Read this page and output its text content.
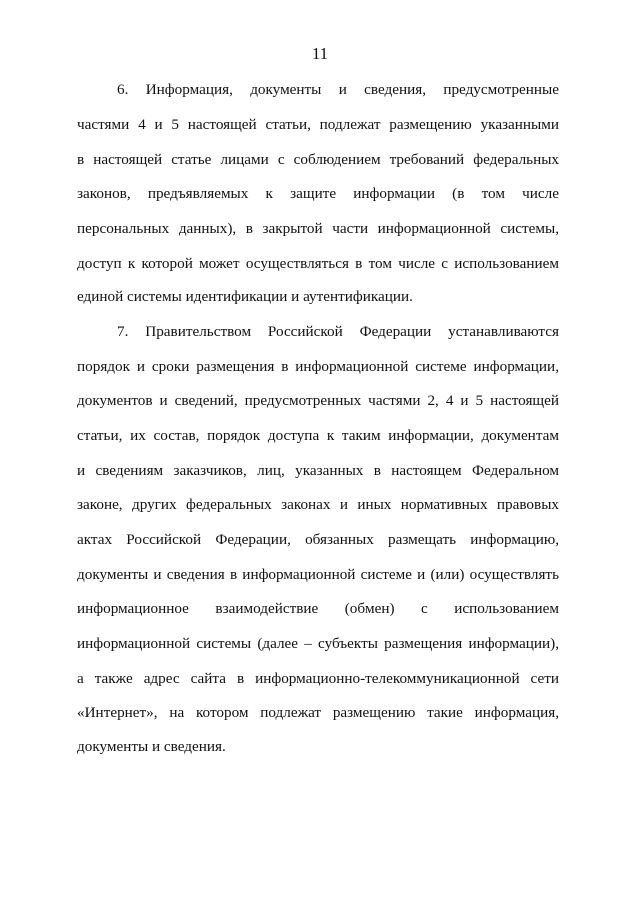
11
6. Информация, документы и сведения, предусмотренные
частями 4 и 5 настоящей статьи, подлежат размещению указанными
в настоящей статье лицами с соблюдением требований федеральных
законов, предъявляемых к защите информации (в том числе
персональных данных), в закрытой части информационной системы,
доступ к которой может осуществляться в том числе с использованием
единой системы идентификации и аутентификации.
7. Правительством Российской Федерации устанавливаются
порядок и сроки размещения в информационной системе информации,
документов и сведений, предусмотренных частями 2, 4 и 5 настоящей
статьи, их состав, порядок доступа к таким информации, документам
и сведениям заказчиков, лиц, указанных в настоящем Федеральном
законе, других федеральных законах и иных нормативных правовых
актах Российской Федерации, обязанных размещать информацию,
документы и сведения в информационной системе и (или) осуществлять
информационное взаимодействие (обмен) с использованием
информационной системы (далее – субъекты размещения информации),
а также адрес сайта в информационно-телекоммуникационной сети
«Интернет», на котором подлежат размещению такие информация,
документы и сведения.
